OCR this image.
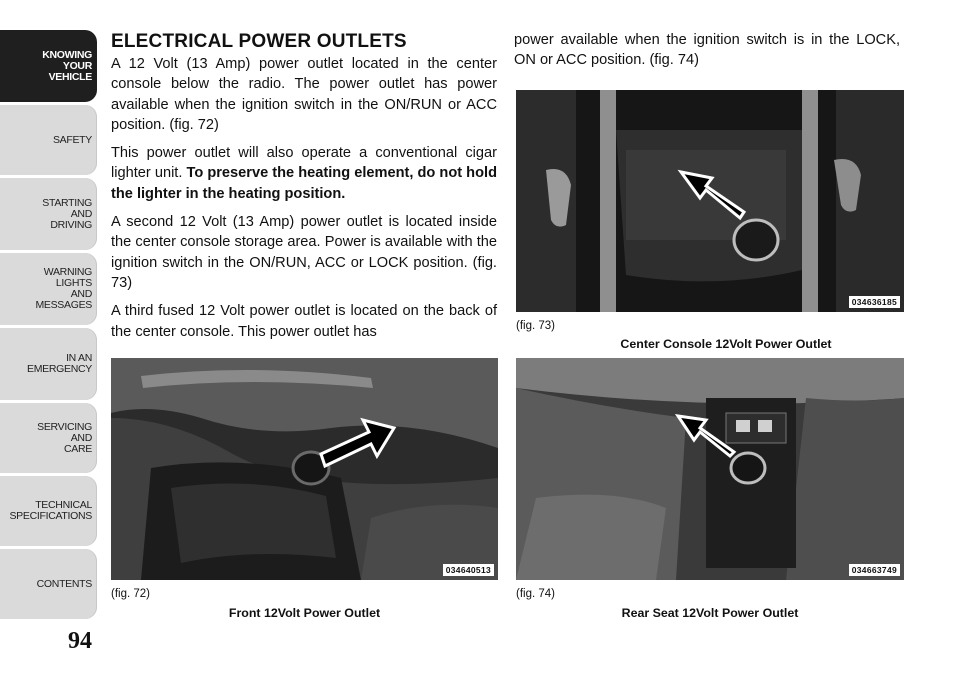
KNOWING
YOUR
VEHICLE
SAFETY
STARTING
AND
DRIVING
WARNING
LIGHTS
AND
MESSAGES
IN AN
EMERGENCY
SERVICING
AND
CARE
TECHNICAL
SPECIFICATIONS
CONTENTS
94
ELECTRICAL POWER OUTLETS

A 12 Volt (13 Amp) power outlet located in the center console below the radio. The power outlet has power available when the ignition switch in the ON/RUN or ACC position. (fig. 72)

This power outlet will also operate a conventional cigar lighter unit. To preserve the heating element, do not hold the lighter in the heating position.

A second 12 Volt (13 Amp) power outlet is located inside the center console storage area. Power is available with the ignition switch in the ON/RUN, ACC or LOCK position. (fig. 73)

A third fused 12 Volt power outlet is located on the back of the center console. This power outlet has

power available when the ignition switch is in the LOCK, ON or ACC position. (fig. 74)

034640513
(fig. 72)
Front 12Volt Power Outlet
034636185
(fig. 73)
Center Console 12Volt Power Outlet
034663749
(fig. 74)
Rear Seat 12Volt Power Outlet
